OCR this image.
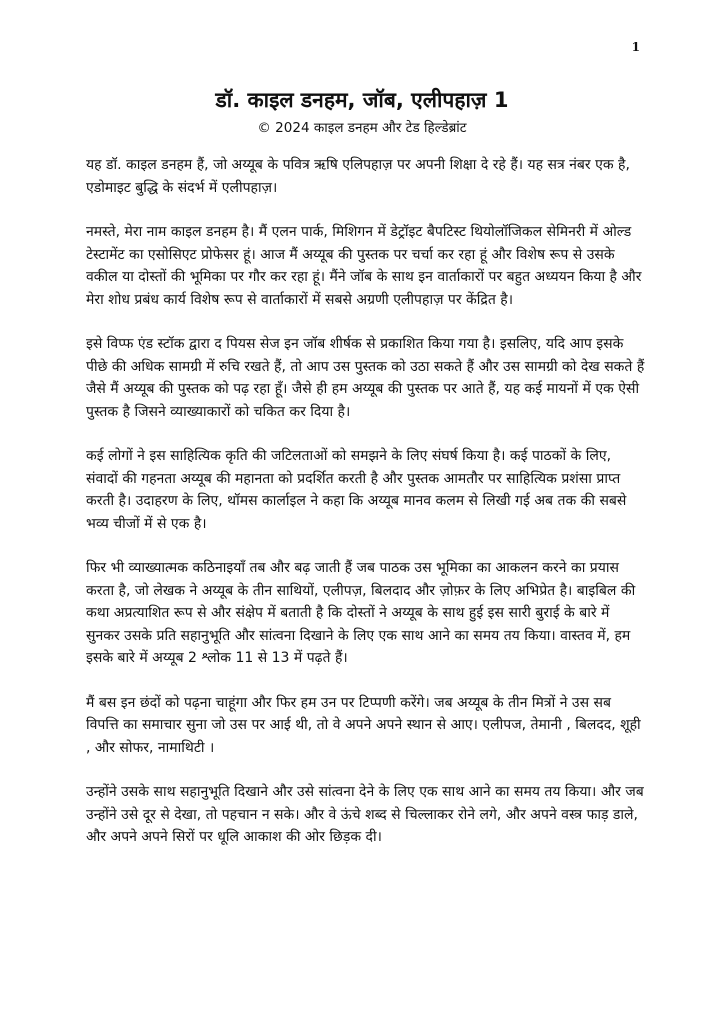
1
डॉ. काइल डनहम, जॉब, एलीपहाज़ 1
© 2024 काइल डनहम और टेड हिल्डेब्रांट

यह डॉ. काइल डनहम हैं, जो अय्यूब के पवित्र ऋषि एलिपहाज़ पर अपनी शिक्षा दे रहे हैं। यह सत्र नंबर एक है, एडोमाइट बुद्धि के संदर्भ में एलीपहाज़।

नमस्ते, मेरा नाम काइल डनहम है। मैं एलन पार्क, मिशिगन में डेट्रॉइट बैपटिस्ट थियोलॉजिकल सेमिनरी में ओल्ड टेस्टामेंट का एसोसिएट प्रोफेसर हूं। आज मैं अय्यूब की पुस्तक पर चर्चा कर रहा हूं और विशेष रूप से उसके वकील या दोस्तों की भूमिका पर गौर कर रहा हूं। मैंने जॉब के साथ इन वार्ताकारों पर बहुत अध्ययन किया है और मेरा शोध प्रबंध कार्य विशेष रूप से वार्ताकारों में सबसे अग्रणी एलीपहाज़ पर केंद्रित है।

इसे विप्फ एंड स्टॉक द्वारा द पियस सेज इन जॉब शीर्षक से प्रकाशित किया गया है। इसलिए, यदि आप इसके पीछे की अधिक सामग्री में रुचि रखते हैं, तो आप उस पुस्तक को उठा सकते हैं और उस सामग्री को देख सकते हैं जैसे मैं अय्यूब की पुस्तक को पढ़ रहा हूँ। जैसे ही हम अय्यूब की पुस्तक पर आते हैं, यह कई मायनों में एक ऐसी पुस्तक है जिसने व्याख्याकारों को चकित कर दिया है।

कई लोगों ने इस साहित्यिक कृति की जटिलताओं को समझने के लिए संघर्ष किया है। कई पाठकों के लिए, संवादों की गहनता अय्यूब की महानता को प्रदर्शित करती है और पुस्तक आमतौर पर साहित्यिक प्रशंसा प्राप्त करती है। उदाहरण के लिए, थॉमस कार्लाइल ने कहा कि अय्यूब मानव कलम से लिखी गई अब तक की सबसे भव्य चीजों में से एक है।

फिर भी व्याख्यात्मक कठिनाइयाँ तब और बढ़ जाती हैं जब पाठक उस भूमिका का आकलन करने का प्रयास करता है, जो लेखक ने अय्यूब के तीन साथियों, एलीपज़, बिलदाद और ज़ोफ़र के लिए अभिप्रेत है। बाइबिल की कथा अप्रत्याशित रूप से और संक्षेप में बताती है कि दोस्तों ने अय्यूब के साथ हुई इस सारी बुराई के बारे में सुनकर उसके प्रति सहानुभूति और सांत्वना दिखाने के लिए एक साथ आने का समय तय किया। वास्तव में, हम इसके बारे में अय्यूब 2 श्लोक 11 से 13 में पढ़ते हैं।

मैं बस इन छंदों को पढ़ना चाहूंगा और फिर हम उन पर टिप्पणी करेंगे। जब अय्यूब के तीन मित्रों ने उस सब विपत्ति का समाचार सुना जो उस पर आई थी, तो वे अपने अपने स्थान से आए। एलीपज, तेमानी , बिलदद, शूही , और सोफर, नामाथिटी ।

उन्होंने उसके साथ सहानुभूति दिखाने और उसे सांत्वना देने के लिए एक साथ आने का समय तय किया। और जब उन्होंने उसे दूर से देखा, तो पहचान न सके। और वे ऊंचे शब्द से चिल्लाकर रोने लगे, और अपने वस्त्र फाड़ डाले, और अपने अपने सिरों पर धूलि आकाश की ओर छिड़क दी।
